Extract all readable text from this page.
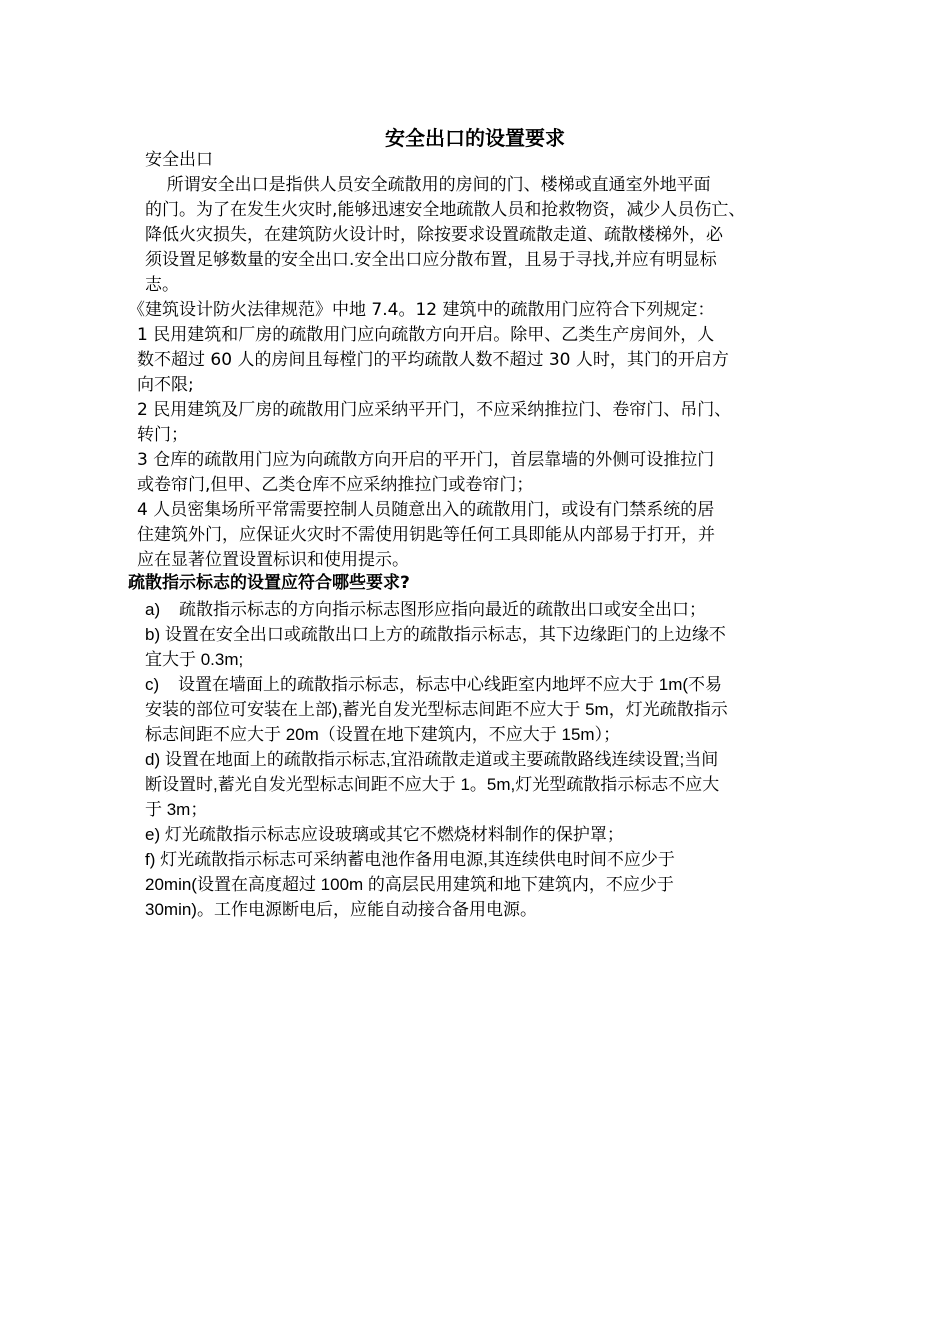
安全出口的设置要求
安全出口
所谓安全出口是指供人员安全疏散用的房间的门、楼梯或直通室外地平面
的门。为了在发生火灾时,能够迅速安全地疏散人员和抢救物资，减少人员伤亡、
降低火灾损失，在建筑防火设计时，除按要求设置疏散走道、疏散楼梯外，必
须设置足够数量的安全出口.安全出口应分散布置，且易于寻找,并应有明显标
志。
《建筑设计防火法律规范》中地 7.4。12 建筑中的疏散用门应符合下列规定：
1 民用建筑和厂房的疏散用门应向疏散方向开启。除甲、乙类生产房间外，人
数不超过 60 人的房间且每樘门的平均疏散人数不超过 30 人时，其门的开启方
向不限;
2 民用建筑及厂房的疏散用门应采纳平开门，不应采纳推拉门、卷帘门、吊门、
转门；
3 仓库的疏散用门应为向疏散方向开启的平开门，首层靠墙的外侧可设推拉门
或卷帘门,但甲、乙类仓库不应采纳推拉门或卷帘门；
4 人员密集场所平常需要控制人员随意出入的疏散用门，或设有门禁系统的居
住建筑外门，应保证火灾时不需使用钥匙等任何工具即能从内部易于打开，并
应在显著位置设置标识和使用提示。
疏散指示标志的设置应符合哪些要求?
a)    疏散指示标志的方向指示标志图形应指向最近的疏散出口或安全出口；
b) 设置在安全出口或疏散出口上方的疏散指示标志，其下边缘距门的上边缘不
宜大于 0.3m;
c)    设置在墙面上的疏散指示标志，标志中心线距室内地坪不应大于 1m(不易
安装的部位可安装在上部),蓄光自发光型标志间距不应大于 5m，灯光疏散指示
标志间距不应大于 20m（设置在地下建筑内，不应大于 15m）；
d) 设置在地面上的疏散指示标志,宜沿疏散走道或主要疏散路线连续设置;当间
断设置时,蓄光自发光型标志间距不应大于 1。5m,灯光型疏散指示标志不应大
于 3m；
e) 灯光疏散指示标志应设玻璃或其它不燃烧材料制作的保护罩；
f) 灯光疏散指示标志可采纳蓄电池作备用电源,其连续供电时间不应少于
20min(设置在高度超过 100m 的高层民用建筑和地下建筑内，不应少于
30min)。工作电源断电后，应能自动接合备用电源。
